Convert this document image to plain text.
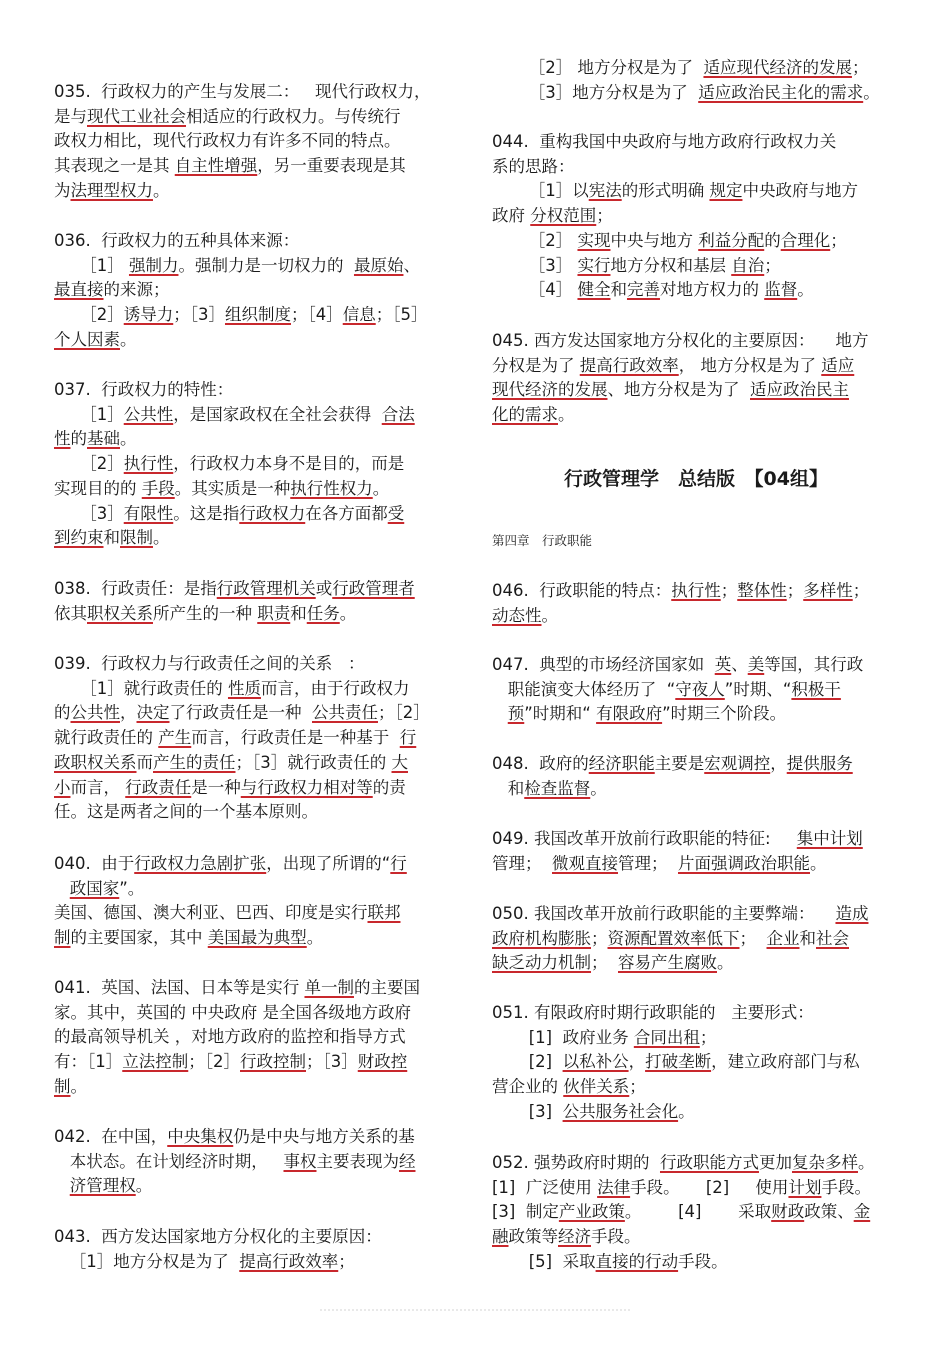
035.  行政权力的产生与发展二：   现代行政权力，
是与现代工业社会相适应的行政权力。与传统行
政权力相比，现代行政权力有许多不同的特点。
其表现之一是其 自主性增强，另一重要表现是其
为法理型权力。
036.  行政权力的五种具体来源：
［1］ 强制力。强制力是一切权力的  最原始、
最直接的来源；
［2］诱导力；［3］组织制度；［4］信息；［5］
个人因素。
037.  行政权力的特性：
［1］公共性，是国家政权在全社会获得  合法
性的基础。
［2］执行性，行政权力本身不是目的，而是
实现目的的 手段。其实质是一种执行性权力。
［3］有限性。这是指行政权力在各方面都受
到约束和限制。
038.  行政责任：是指行政管理机关或行政管理者
依其职权关系所产生的一种 职责和任务。
039.  行政权力与行政责任之间的关系   ：
［1］就行政责任的 性质而言，由于行政权力
的公共性，决定了行政责任是一种  公共责任；［2］
就行政责任的 产生而言，行政责任是一种基于  行
政职权关系而产生的责任；［3］就行政责任的 大
小而言， 行政责任是一种与行政权力相对等的责
任。这是两者之间的一个基本原则。
040.  由于行政权力急剧扩张，出现了所谓的“行
政国家”。
美国、德国、澳大利亚、巴西、印度是实行联邦
制的主要国家，其中 美国最为典型。
041.  英国、法国、日本等是实行 单一制的主要国
家。其中，英国的 中央政府 是全国各级地方政府
的最高领导机关 ，对地方政府的监控和指导方式
有：［1］立法控制；［2］行政控制；［3］财政控
制。
042.  在中国，中央集权仍是中央与地方关系的基
本状态。在计划经济时期，   事权主要表现为经
济管理权。
043.  西方发达国家地方分权化的主要原因：
［1］地方分权是为了  提高行政效率；
［2］ 地方分权是为了  适应现代经济的发展；
［3］地方分权是为了  适应政治民主化的需求。
044.  重构我国中央政府与地方政府行政权力关
系的思路：
［1］以宪法的形式明确 规定中央政府与地方
政府 分权范围；
［2］ 实现中央与地方 利益分配的合理化；
［3］ 实行地方分权和基层 自治；
［4］ 健全和完善对地方权力的 监督。
045. 西方发达国家地方分权化的主要原因：    地方
分权是为了 提高行政效率， 地方分权是为了 适应
现代经济的发展、地方分权是为了  适应政治民主
化的需求。
046.  行政职能的特点：执行性；整体性；多样性；
动态性。
047.  典型的市场经济国家如  英、美等国，其行政
职能演变大体经历了  “守夜人”时期、“积极干
预”时期和“ 有限政府”时期三个阶段。
048.  政府的经济职能主要是宏观调控，提供服务
和检查监督。
049. 我国改革开放前行政职能的特征:     集中计划
管理；  微观直接管理；  片面强调政治职能。
050. 我国改革开放前行政职能的主要弊端：    造成
政府机构膨胀；资源配置效率低下；  企业和社会
缺乏动力机制；  容易产生腐败。
051. 有限政府时期行政职能的   主要形式：
[1]  政府业务 合同出租；
[2]  以私补公，打破垄断，建立政府部门与私
营企业的 伙伴关系；
[3]  公共服务社会化。
052. 强势政府时期的  行政职能方式更加复杂多样。
[1]  广泛使用 法律手段。     [2]     使用计划手段。
[3]  制定产业政策。       [4]       采取财政政策、金
融政策等经济手段。
[5]  采取直接的行动手段。
行政管理学　总结版　【04组】
第四章　行政职能
